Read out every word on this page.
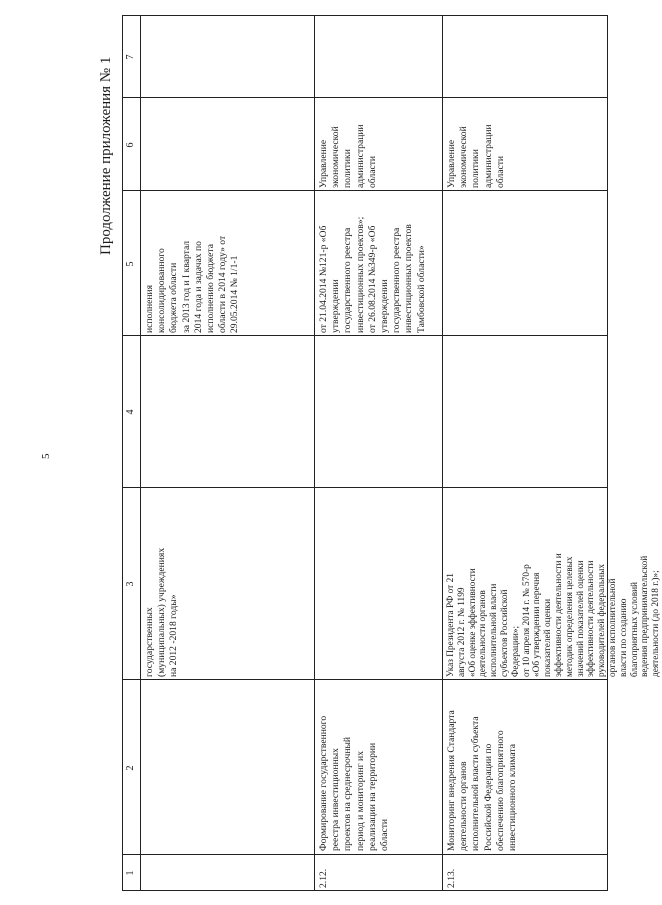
5
Продолжение приложения № 1
1
2
3
4
5
6
7
государственных
(муниципальных) учреждениях
на 2012 -2018 годы»
исполнения
консолидированного
бюджета области
за 2013 год и I квартал
2014 года и задачах по
исполнению бюджета
области в 2014 году» от
29.05.2014 № 1/1-1
2.12.
Формирование государственного
реестра инвестиционных
проектов на среднесрочный
период и мониторинг их
реализации на территории
области
от 21.04.2014 №121-р «Об
утверждении
государственного реестра
инвестиционных проектов»;
от 26.08.2014 №349-р «Об
утверждении
государственного реестра
инвестиционных проектов
Тамбовской области»
Управление
экономической
политики
администрации
области
2.13.
Мониторинг внедрения Стандарта
деятельности органов
исполнительной власти субъекта
Российской Федерации по
обеспечению благоприятного
инвестиционного климата
Указ Президента РФ от 21
августа 2012 г. № 1199
«Об оценке эффективности
деятельности органов
исполнительной власти
субъектов Российской
Федерации»;
от 10 апреля 2014 г. № 570-р
«Об утверждении перечня
показателей оценки
эффективности деятельности и
методик определения целевых
значений показателей оценки
эффективности деятельности
руководителей федеральных
органов исполнительной
власти по созданию
благоприятных условий
ведения предпринимательской
деятельности (до 2018 г.)»;
Управление
экономической
политики
администрации
области
